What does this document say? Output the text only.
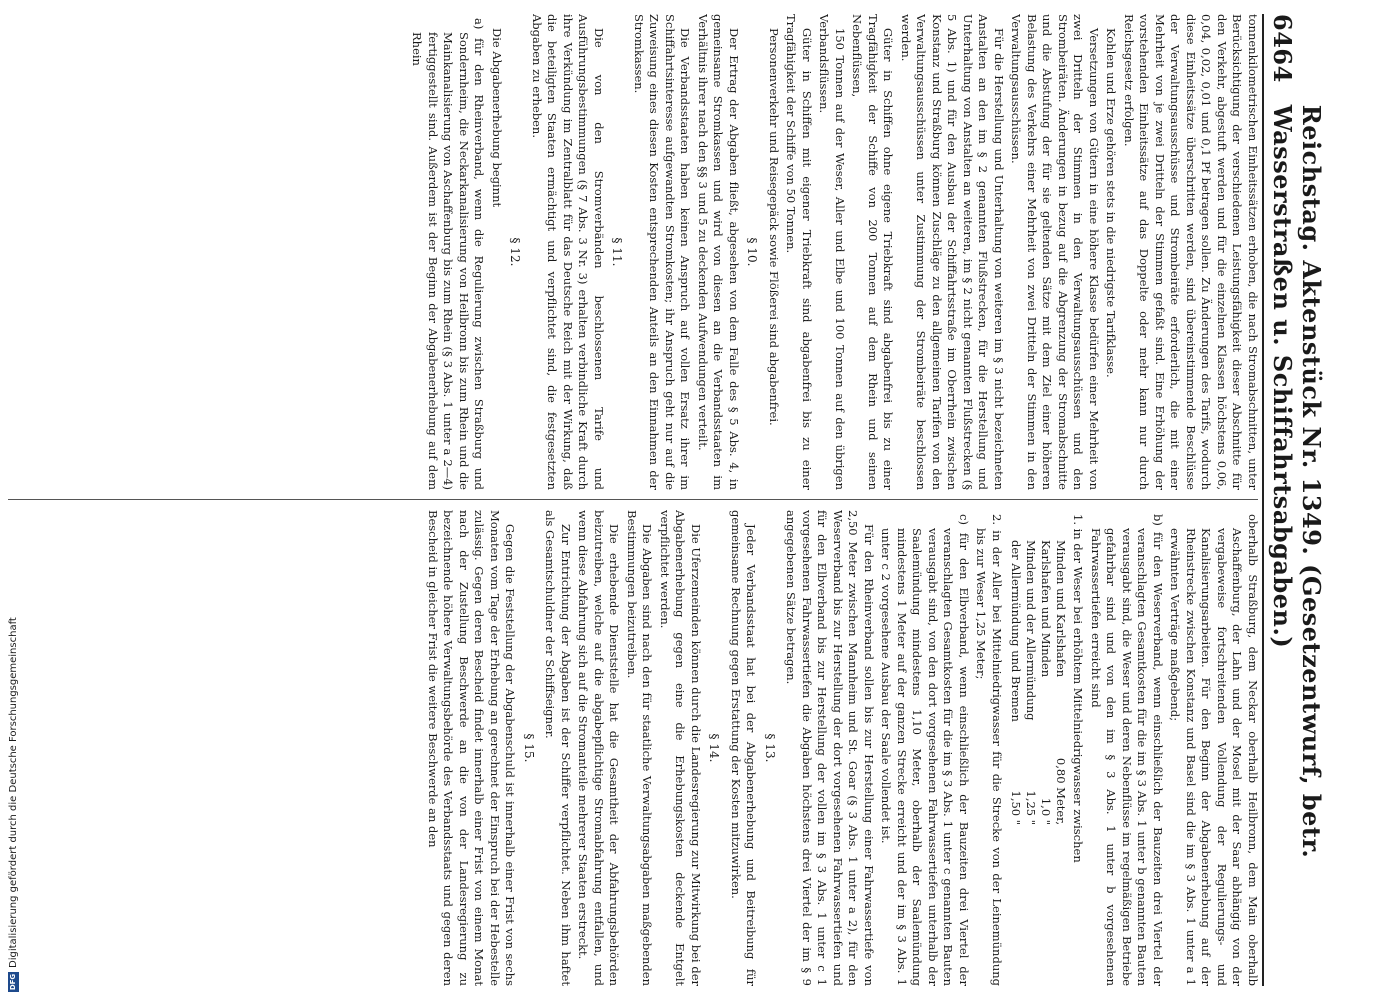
6464
Reichstag. Aktenstück Nr. 1349. (Gesetzentwurf, betr. Wasserstraßen u. Schiffahrtsabgaben.)

tonnenkilometrischen Einheitssätzen erhoben, die nach Stromabschnitten, unter Berücksichtigung der verschiedenen Leistungsfähigkeit dieser Abschnitte für den Verkehr, abgestuft werden und für die einzelnen Klassen höchstens 0,06, 0,04, 0,02, 0,01 und 0,1 Pf betragen sollen. Zu Änderungen des Tarifs, wodurch diese Einheitssätze überschritten werden, sind übereinstimmende Beschlüsse der Verwaltungsausschüsse und Strombeiräte erforderlich, die mit einer Mehrheit von je zwei Dritteln der Stimmen gefaßt sind. Eine Erhöhung der vorstehenden Einheitssätze auf das Doppelte oder mehr kann nur durch Reichsgesetz erfolgen.

Kohlen und Erze gehören stets in die niedrigste Tarifklasse.

Versetzungen von Gütern in eine höhere Klasse bedürfen einer Mehrheit von zwei Dritteln der Stimmen in den Verwaltungsausschüssen und den Strombeiräten. Änderungen in bezug auf die Abgrenzung der Stromabschnitte und die Abstufung der für sie geltenden Sätze mit dem Ziel einer höheren Belastung des Verkehrs einer Mehrheit von zwei Dritteln der Stimmen in den Verwaltungsausschüssen.

Für die Herstellung und Unterhaltung von weiteren im § 3 nicht bezeichneten Anstalten an den im § 2 genannten Flußstrecken, für die Herstellung und Unterhaltung von Anstalten an weiteren, im § 2 nicht genannten Flußstrecken (§ 5 Abs. 1) und für den Ausbau der Schiffahrtsstraße im Oberrhein zwischen Konstanz und Straßburg können Zuschläge zu den allgemeinen Tarifen von den Verwaltungsausschüssen unter Zustimmung der Strombeiräte beschlossen werden.

Güter in Schiffen ohne eigene Triebkraft sind abgabenfrei bis zu einer Tragfähigkeit der Schiffe von 200 Tonnen auf dem Rhein und seinen Nebenflüssen,

150 Tonnen auf der Weser, Aller und Elbe und 100 Tonnen auf den übrigen Verbandsflüssen.

Güter in Schiffen mit eigener Triebkraft sind abgabenfrei bis zu einer Tragfähigkeit der Schiffe von 50 Tonnen.

Personenverkehr und Reisegepäck sowie Flößerei sind abgabenfrei.

§ 10.

Der Ertrag der Abgaben fließt, abgesehen von dem Falle des § 5 Abs. 4, in gemeinsame Stromkassen und wird von diesen an die Verbandsstaaten im Verhältnis ihrer nach den §§ 3 und 5 zu deckenden Aufwendungen verteilt.

Die Verbandsstaaten haben keinen Anspruch auf vollen Ersatz ihrer im Schiffahrtsinteresse aufgewandten Stromkosten; ihr Anspruch geht nur auf die Zuweisung eines diesen Kosten entsprechenden Anteils an den Einnahmen der Stromkassen.

§ 11.

Die von den Stromverbänden beschlossenen Tarife und Ausführungsbestimmungen (§ 7 Abs. 3 Nr. 3) erhalten verbindliche Kraft durch ihre Verkündung im Zentralblatt für das Deutsche Reich mit der Wirkung, daß die beteiligten Staaten ermächtigt und verpflichtet sind, die festgesetzten Abgaben zu erheben.

§ 12.

Die Abgabenerhebung beginnt

a) für den Rheinverband, wenn die Regulierung zwischen Straßburg und Sondernheim, die Neckarkanalisierung von Heilbronn bis zum Rhein und die Mainkanalisierung von Aschaffenburg bis zum Rhein (§ 3 Abs. 1 unter a 2—4) fertiggestellt sind. Außerdem ist der Beginn der Abgabenerhebung auf dem Rhein

oberhalb Straßburg, dem Neckar oberhalb Heilbronn, dem Main oberhalb Aschaffenburg, der Lahn und der Mosel mit der Saar abhängig von der vergabeweise fortschreitenden Vollendung der Regulierungs- und Kanalisierungsarbeiten. Für den Beginn der Abgabenerhebung auf der Rheinstrecke zwischen Konstanz und Basel sind die im § 3 Abs. 1 unter a 1 erwähnten Verträge maßgebend;

b) für den Weserverband, wenn einschließlich der Bauzeiten drei Viertel der veranschlagten Gesamtkosten für die im § 3 Abs. 1 unter b genannten Bauten verausgabt sind, die Weser und deren Nebenflüsse im regelmäßigen Betriebe gefahrbar sind und von den im § 3 Abs. 1 unter b vorgesehenen Fahrwassertiefen erreicht sind

1. in der Weser bei erhöhtem Mittelniedrigwasser zwischen

Minden und Karlshafen	0,80 Meter,
Karlshafen und Minden	1,0 "
Minden und der Allermündung	1,25 "
der Allermündung und Bremen	1,50 "

2. in der Aller bei Mittelniedrigwasser für die Strecke von der Leinemündung bis zur Weser 1,25 Meter;

c) für den Elbverband, wenn einschließlich der Bauzeiten drei Viertel der veranschlagten Gesamtkosten für die im § 3 Abs. 1 unter c genannten Bauten verausgabt sind, von den dort vorgesehenen Fahrwassertiefen unterhalb der Saalemündung mindestens 1,10 Meter, oberhalb der Saalemündung mindestens 1 Meter auf der ganzen Strecke erreicht und der im § 3 Abs. 1 unter c 2 vorgesehene Ausbau der Saale vollendet ist.

Für den Rheinverband sollen bis zur Herstellung einer Fahrwassertiefe von 2,50 Meter zwischen Mannheim und St. Goar (§ 3 Abs. 1 unter a 2), für den Weserverband bis zur Herstellung der dort vorgesehenen Fahrwassertiefen und für den Elbverband bis zur Herstellung der vollen im § 3 Abs. 1 unter c 1 vorgesehenen Fahrwassertiefen die Abgaben höchstens drei Viertel der im § 9 angegebenen Sätze betragen.

§ 13.

Jeder Verbandsstaat hat bei der Abgabenerhebung und Beitreibung für gemeinsame Rechnung gegen Erstattung der Kosten mitzuwirken.

§ 14.

Die Uferzemeinden können durch die Landesregierung zur Mitwirkung bei der Abgabenerhebung gegen eine die Erhebungskosten deckende Entgelt verpflichtet werden.

Die Abgaben sind nach den für staatliche Verwaltungsabgaben maßgebenden Bestimmungen beizutreiben.

Die erhebende Dienststelle hat die Gesamtheit der Abfahrungsbehörden beizutreiben, welche auf die abgabepflichtige Stromabfahrung entfallen, und wenn diese Abfahrung sich auf die Stromanteile mehrerer Staaten erstreckt.

Zur Entrichtung der Abgaben ist der Schiffer verpflichtet. Neben ihm haftet als Gesamtschuldner der Schiffseigner.

§ 15.

Gegen die Feststellung der Abgabenschuld ist innerhalb einer Frist von sechs Monaten vom Tage der Erhebung an gerechnet der Einspruch bei der Hebestelle zulässig. Gegen deren Bescheid findet innerhalb einer Frist von einem Monat nach der Zustellung Beschwerde an die von der Landesregierung zu bezeichnende höhere Verwaltungsbehörde des Verbandsstaats und gegen deren Bescheid in gleicher Frist die weitere Beschwerde an den

DFG
Digitalisierung gefördert durch die Deutsche Forschungsgemeinschaft
